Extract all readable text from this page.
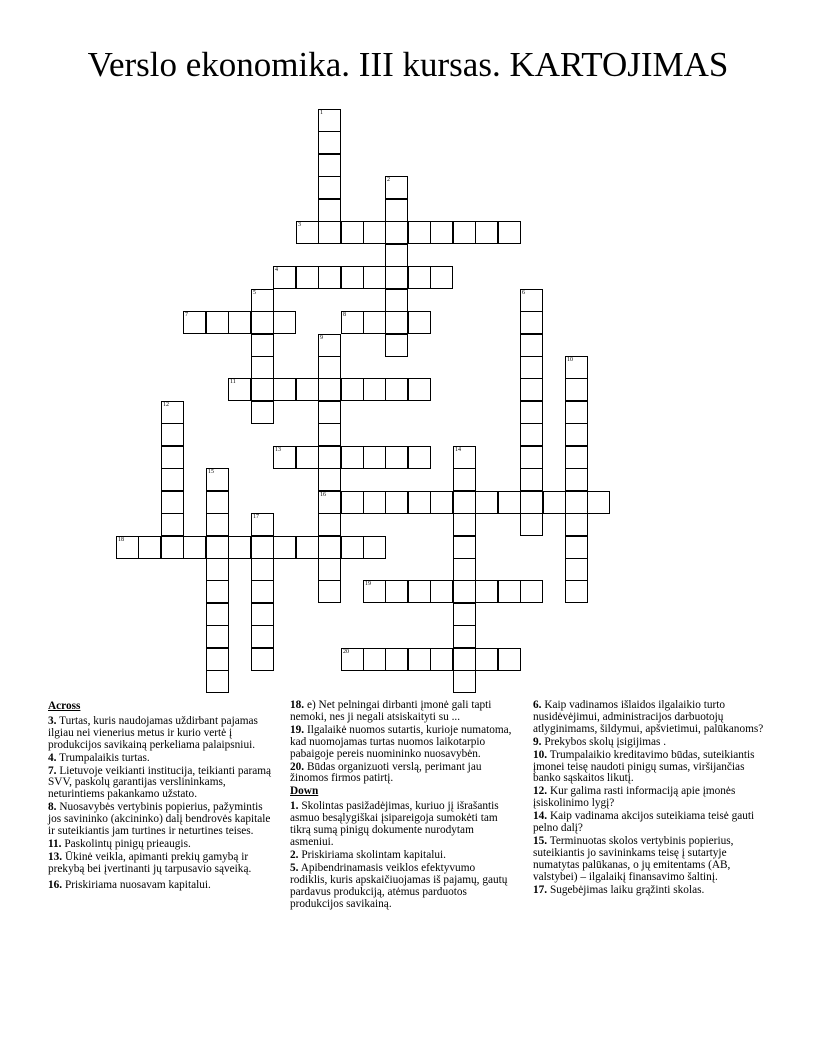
Verslo ekonomika. III kursas. KARTOJIMAS
1
2
3
4
5	6
7	8
9
16
10
11
12
13	14
15
17
18
19
20
Across
3. Turtas, kuris naudojamas uždirbant pajamas ilgiau nei vienerius metus ir kurio vertė į produkcijos savikainą perkeliama palaipsniui.
4. Trumpalaikis turtas.
7. Lietuvoje veikianti institucija, teikianti paramą SVV, paskolų garantijas verslininkams, neturintiems pakankamo užstato.
8. Nuosavybės vertybinis popierius, pažymintis jos savininko (akcininko) dalį bendrovės kapitale ir suteikiantis jam turtines ir neturtines teises.
11. Paskolintų pinigų prieaugis.
13. Ūkinė veikla, apimanti prekių gamybą ir prekybą bei įvertinanti jų tarpusavio sąveiką.
16. Priskiriama nuosavam kapitalui.
18. e) Net pelningai dirbanti įmonė gali tapti nemoki, nes ji negali atsiskaityti su ...
19. Ilgalaikė nuomos sutartis, kurioje numatoma, kad nuomojamas turtas nuomos laikotarpio pabaigoje pereis nuomininko nuosavybėn.
20. Būdas organizuoti verslą, perimant jau žinomos firmos patirtį.
Down
1. Skolintas pasižadėjimas, kuriuo jį išrašantis asmuo besąlygiškai įsipareigoja sumokėti tam tikrą sumą pinigų dokumente nurodytam asmeniui.
2. Priskiriama skolintam kapitalui.
5. Apibendrinamasis veiklos efektyvumo rodiklis, kuris apskaičiuojamas iš pajamų, gautų pardavus produkciją, atėmus parduotos produkcijos savikainą.
6. Kaip vadinamos išlaidos ilgalaikio turto nusidėvėjimui, administracijos darbuotojų atlyginimams, šildymui, apšvietimui, palūkanoms?
9. Prekybos skolų įsigijimas .
10. Trumpalaikio kreditavimo būdas, suteikiantis įmonei teisę naudoti pinigų sumas, viršijančias banko sąskaitos likutį.
12. Kur galima rasti informaciją apie įmonės įsiskolinimo lygį?
14. Kaip vadinama akcijos suteikiama teisė gauti pelno dalį?
15. Terminuotas skolos vertybinis popierius, suteikiantis jo savininkams teisę į sutartyje numatytas palūkanas, o jų emitentams (AB, valstybei) – ilgalaikį finansavimo šaltinį.
17. Sugebėjimas laiku grąžinti skolas.
